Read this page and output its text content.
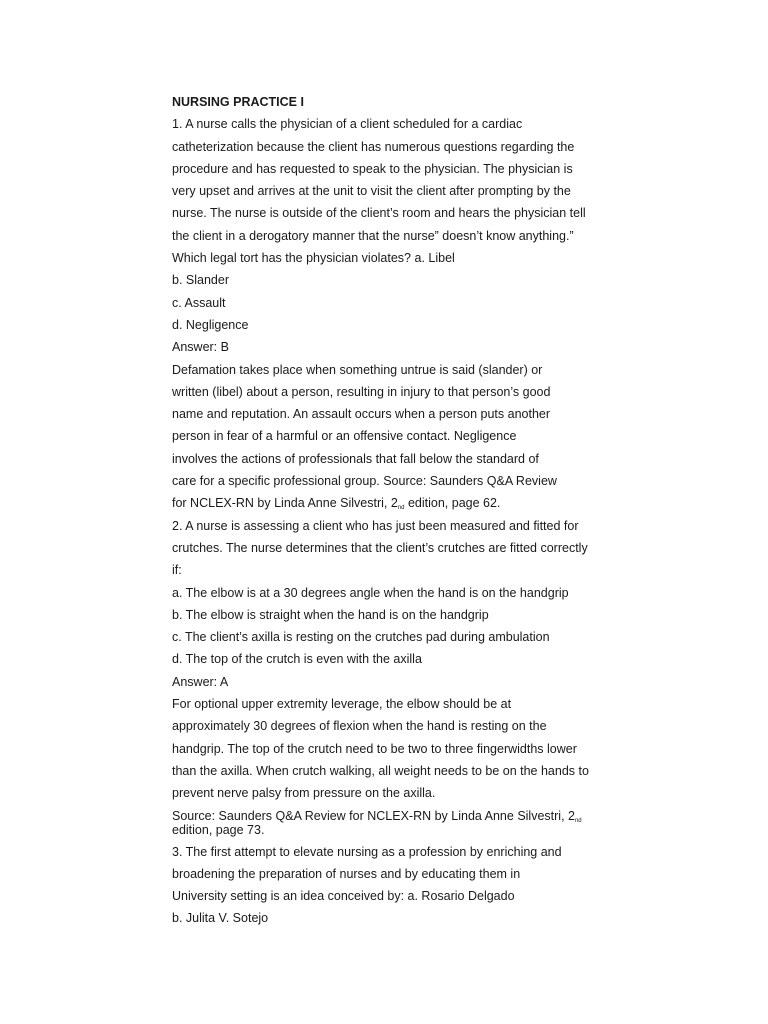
NURSING PRACTICE I
1. A nurse calls the physician of a client scheduled for a cardiac
catheterization because the client has numerous questions regarding the
procedure and has requested to speak to the physician. The physician is
very upset and arrives at the unit to visit the client after prompting by the
nurse. The nurse is outside of the client’s room and hears the physician tell
the client in a derogatory manner that the nurse” doesn’t know anything.”
Which legal tort has the physician violates? a. Libel
b. Slander
c. Assault
d. Negligence
Answer: B
Defamation takes place when something untrue is said (slander) or
written (libel) about a person, resulting in injury to that person’s good
name and reputation. An assault occurs when a person puts another
person in fear of a harmful or an offensive contact. Negligence
involves the actions of professionals that fall below the standard of
care for a specific professional group. Source: Saunders Q&A Review
for NCLEX-RN by Linda Anne Silvestri, $2_{nd}$ edition, page 62.
2. A nurse is assessing a client who has just been measured and fitted for
crutches. The nurse determines that the client’s crutches are fitted correctly
if:
a. The elbow is at a 30 degrees angle when the hand is on the handgrip
b. The elbow is straight when the hand is on the handgrip
c. The client’s axilla is resting on the crutches pad during ambulation
d. The top of the crutch is even with the axilla
Answer: A
For optional upper extremity leverage, the elbow should be at
approximately 30 degrees of flexion when the hand is resting on the
handgrip. The top of the crutch need to be two to three fingerwidths lower
than the axilla. When crutch walking, all weight needs to be on the hands to
prevent nerve palsy from pressure on the axilla.
Source: Saunders Q&A Review for NCLEX-RN by Linda Anne Silvestri, $2_{nd}$
edition, page 73.
3. The first attempt to elevate nursing as a profession by enriching and
broadening the preparation of nurses and by educating them in
University setting is an idea conceived by: a. Rosario Delgado
b. Julita V. Sotejo
